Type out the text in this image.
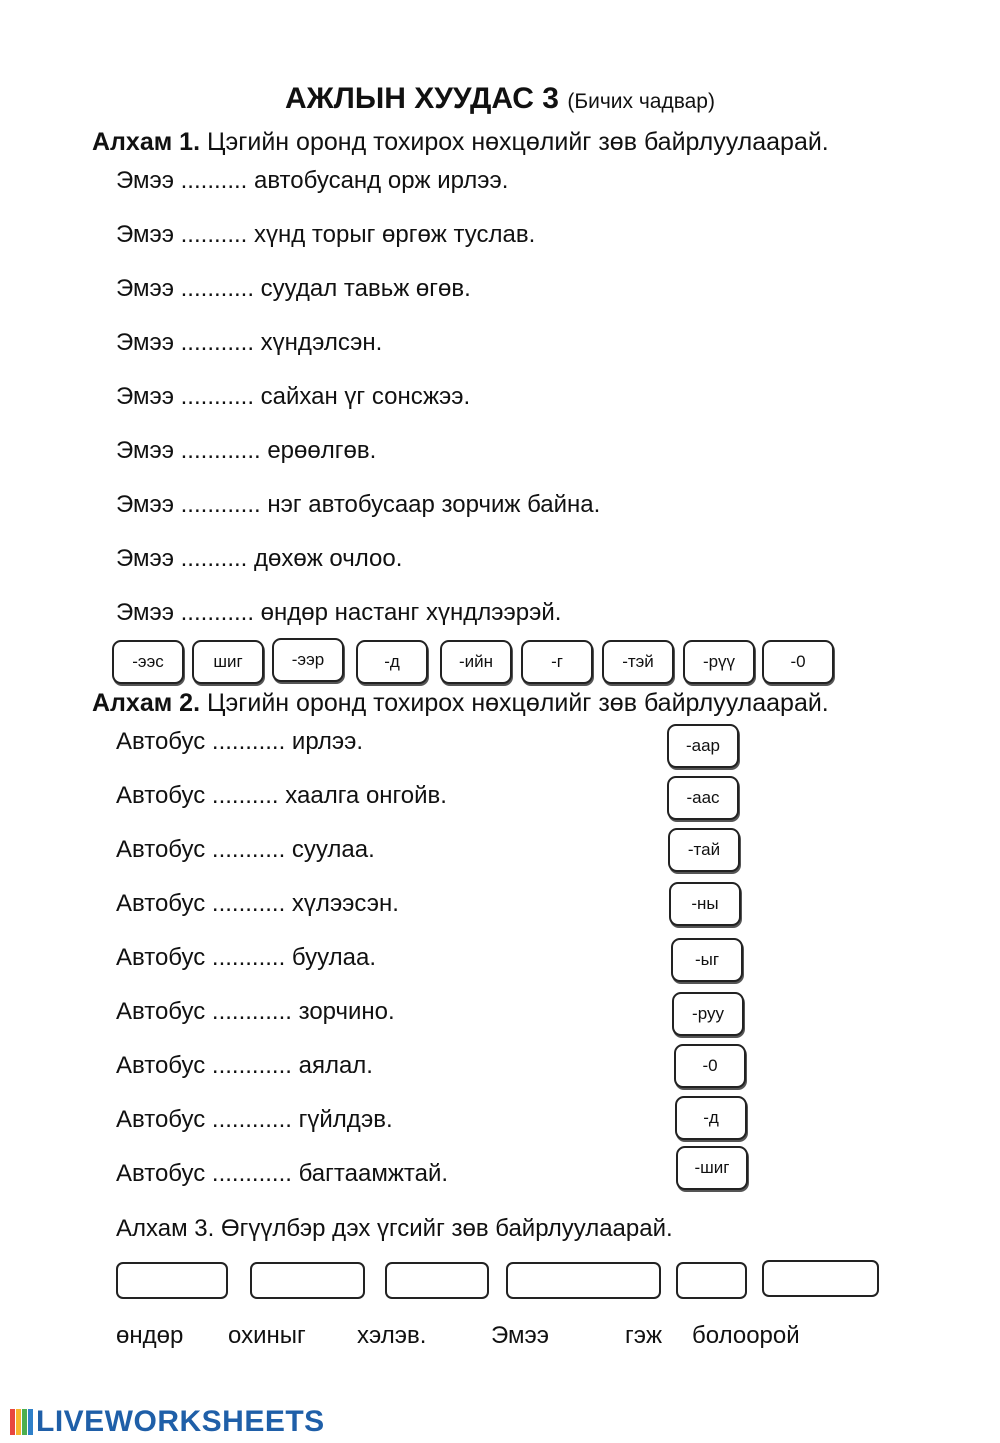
АЖЛЫН ХУУДАС 3 (Бичих чадвар)
Алхам 1. Цэгийн оронд тохирох нөхцөлийг зөв байрлуулаарай.
Эмээ .......... автобусанд орж ирлээ.
Эмээ .......... хүнд торыг өргөж туслав.
Эмээ ........... суудал тавьж өгөв.
Эмээ ........... хүндэлсэн.
Эмээ ........... сайхан үг сонсжээ.
Эмээ ............ ерөөлгөв.
Эмээ ............ нэг автобусаар зорчиж байна.
Эмээ .......... дөхөж очлоо.
Эмээ ........... өндөр настанг хүндлээрэй.
-ээс	шиг	-ээр	-д	-ийн	-г	-тэй	-рүү	-0
Алхам 2. Цэгийн оронд тохирох нөхцөлийг зөв байрлуулаарай.
Автобус ........... ирлээ.
Автобус .......... хаалга онгойв.
Автобус ........... суулаа.
Автобус ........... хүлээсэн.
Автобус ........... буулаа.
Автобус ............ зорчино.
Автобус ............ аялал.
Автобус ............ гүйлдэв.
Автобус ............ багтаамжтай.
-аар
-аас
-тай
-ны
-ыг
-руу
-0
-д
-шиг
Алхам 3. Өгүүлбэр дэх үгсийг зөв байрлуулаарай.
өндөр охиныг хэлэв.	Эмээ	гэж болоорой
LIVEWORKSHEETS
